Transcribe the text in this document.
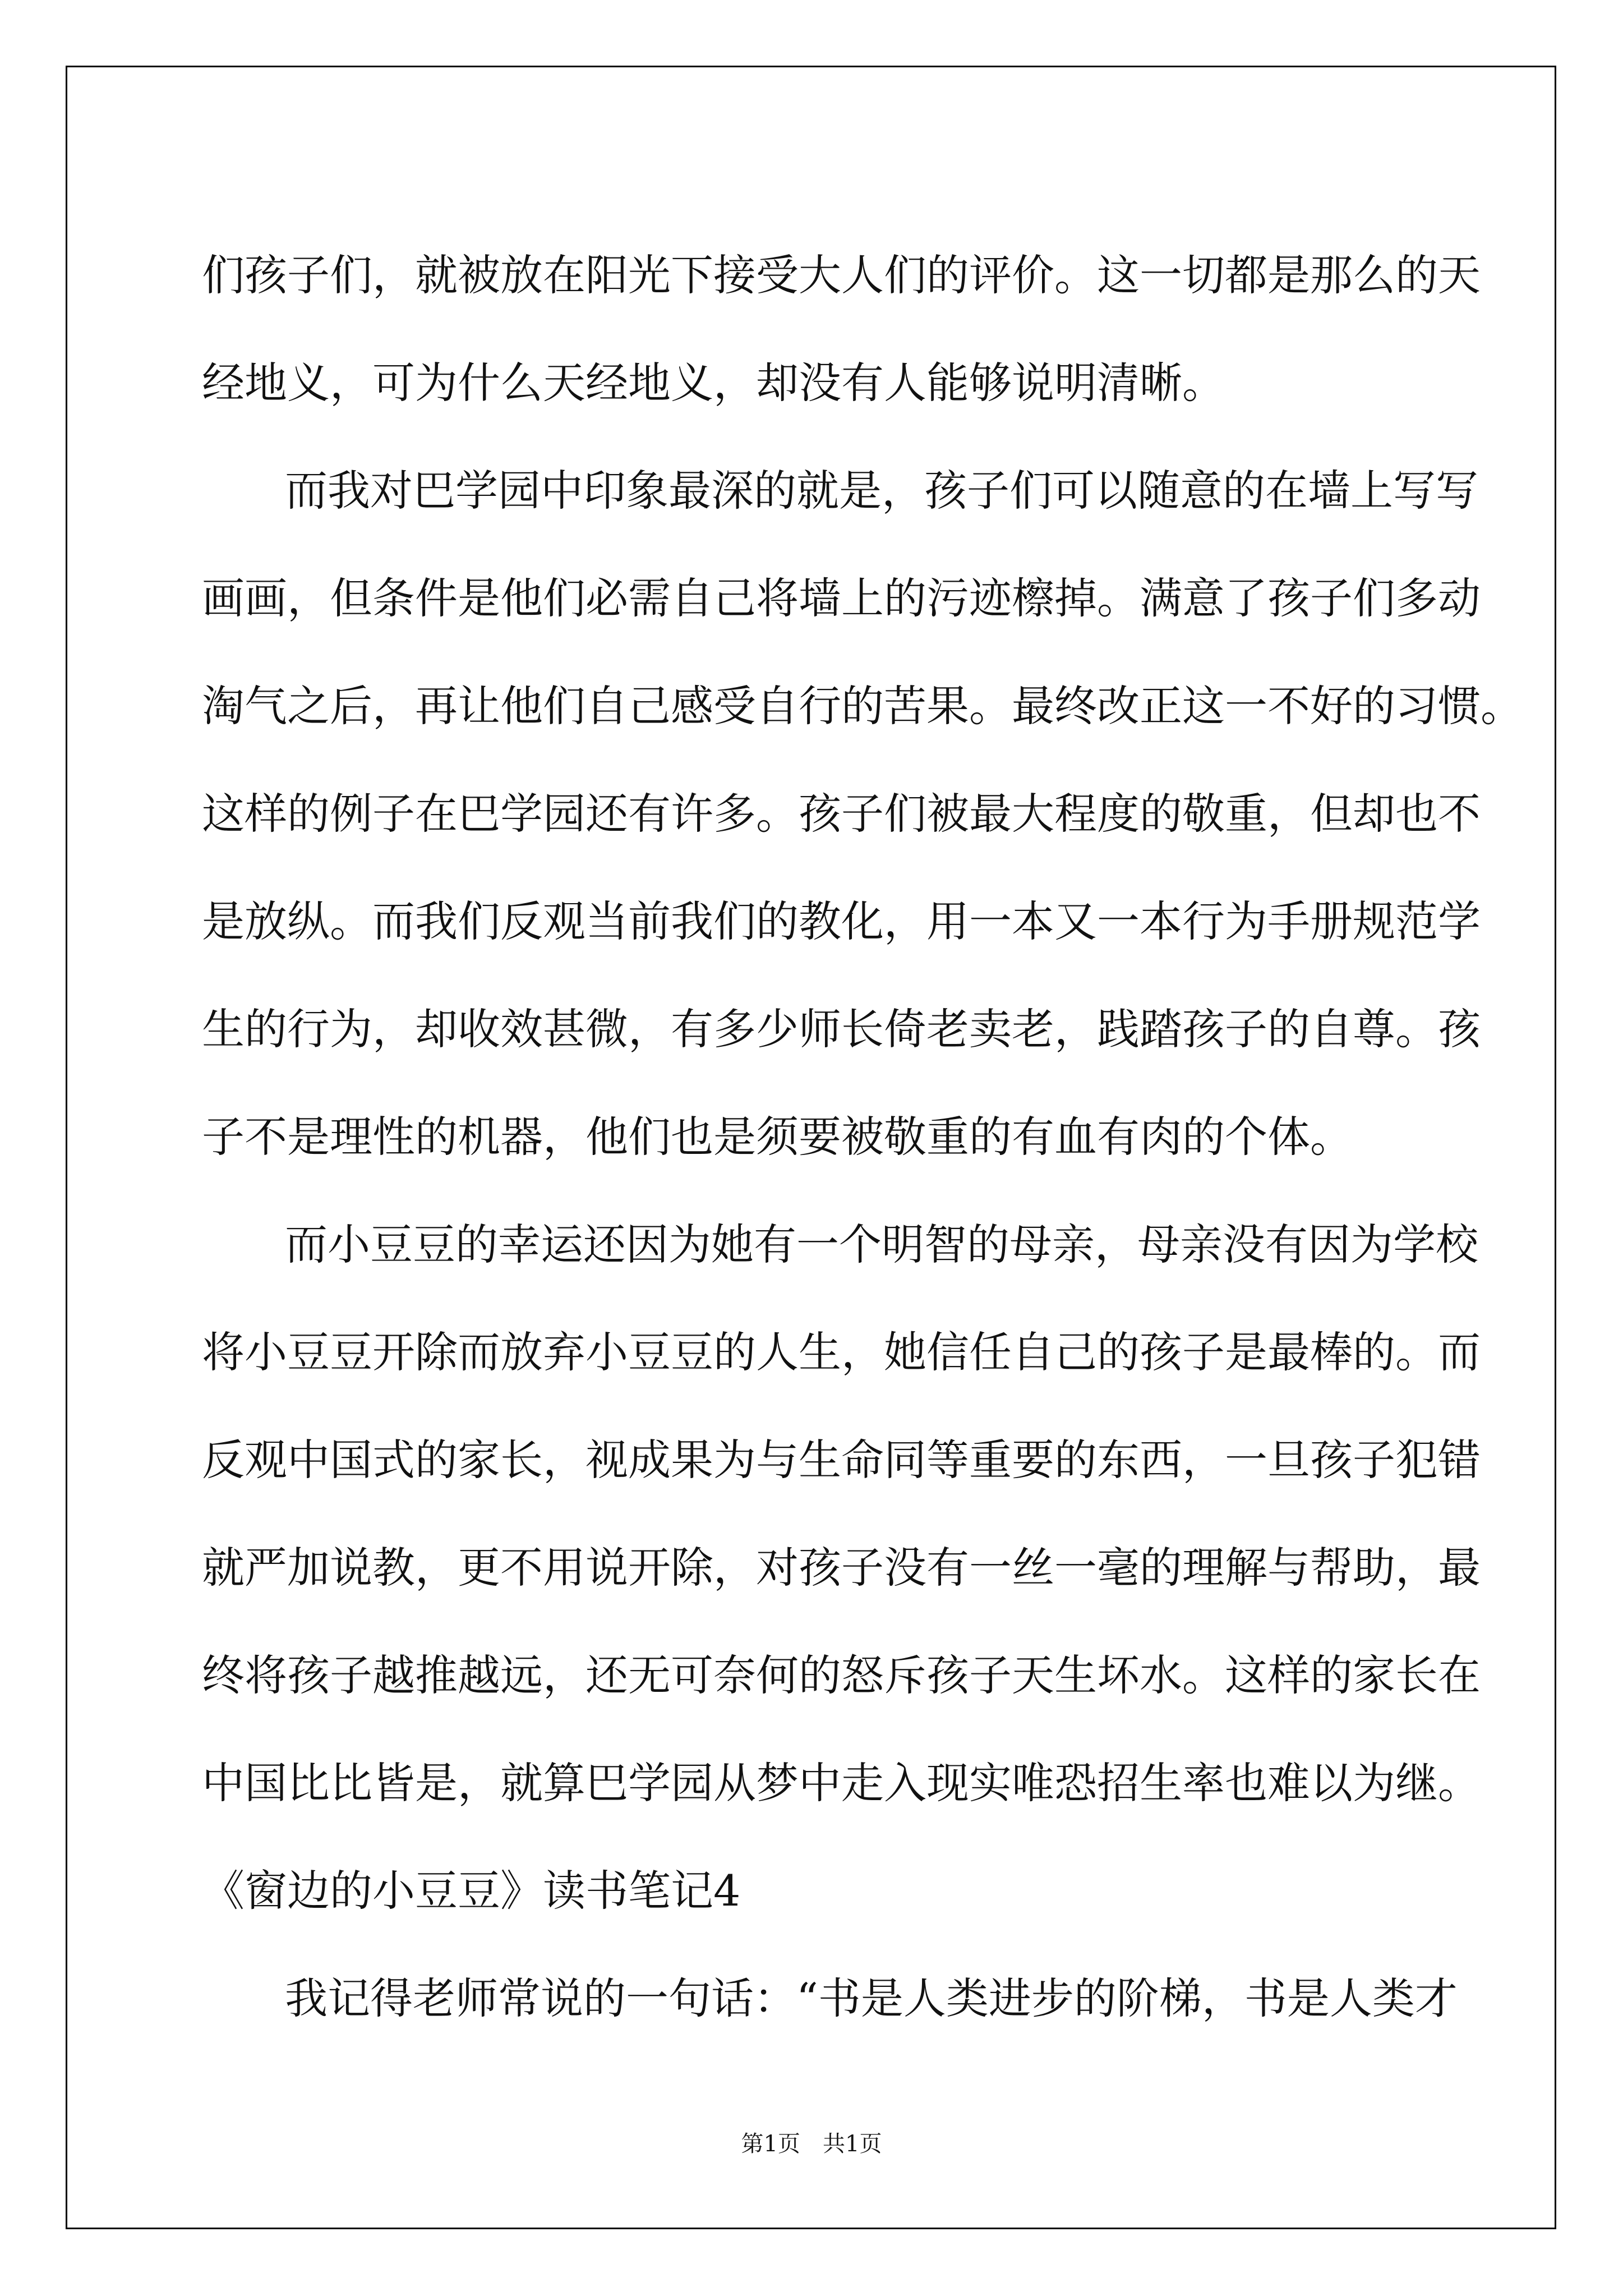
们孩子们，就被放在阳光下接受大人们的评价。这一切都是那么的天

经地义，可为什么天经地义，却没有人能够说明清晰。

而我对巴学园中印象最深的就是，孩子们可以随意的在墙上写写

画画，但条件是他们必需自己将墙上的污迹檫掉。满意了孩子们多动

淘气之后，再让他们自己感受自行的苦果。最终改正这一不好的习惯。

这样的例子在巴学园还有许多。孩子们被最大程度的敬重，但却也不

是放纵。而我们反观当前我们的教化，用一本又一本行为手册规范学

生的行为，却收效甚微，有多少师长倚老卖老，践踏孩子的自尊。孩

子不是理性的机器，他们也是须要被敬重的有血有肉的个体。

而小豆豆的幸运还因为她有一个明智的母亲，母亲没有因为学校

将小豆豆开除而放弃小豆豆的人生，她信任自己的孩子是最棒的。而

反观中国式的家长，视成果为与生命同等重要的东西，一旦孩子犯错

就严加说教，更不用说开除，对孩子没有一丝一毫的理解与帮助，最

终将孩子越推越远，还无可奈何的怒斥孩子天生坏水。这样的家长在

中国比比皆是，就算巴学园从梦中走入现实唯恐招生率也难以为继。

《窗边的小豆豆》读书笔记4

我记得老师常说的一句话：“书是人类进步的阶梯，书是人类才

第1页　共1页
